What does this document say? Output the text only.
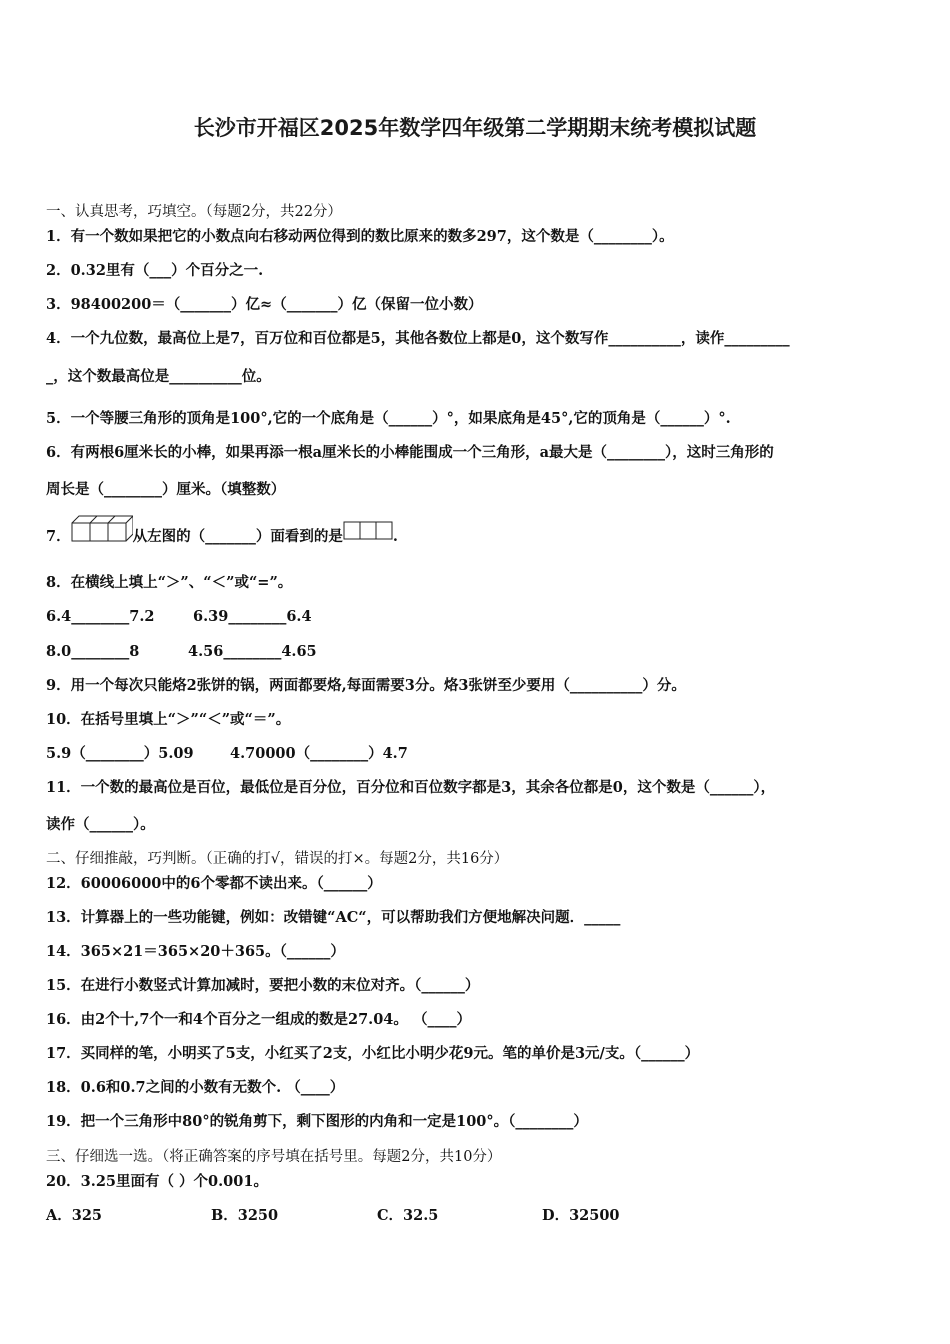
长沙市开福区2025年数学四年级第二学期期末统考模拟试题
一、认真思考，巧填空。（每题2分，共22分）
1．有一个数如果把它的小数点向右移动两位得到的数比原来的数多297，这个数是（________）。
2．0.32里有（___）个百分之一.
3．98400200＝（_______）亿≈（_______）亿（保留一位小数）
4．一个九位数，最高位上是7，百万位和百位都是5，其他各数位上都是0，这个数写作__________，读作_________
_，这个数最高位是__________位。
5．一个等腰三角形的顶角是100°,它的一个底角是（______）°，如果底角是45°,它的顶角是（______）°.
6．有两根6厘米长的小棒，如果再添一根a厘米长的小棒能围成一个三角形，a最大是（________），这时三角形的
周长是（________）厘米。（填整数）
7．	从左图的（_______）面看到的是	.
8．在横线上填上“＞”、“＜”或“=”。
6.4________7.2	6.39________6.4
8.0________8	4.56________4.65
9．用一个每次只能烙2张饼的锅，两面都要烙,每面需要3分。烙3张饼至少要用（__________）分。
10．在括号里填上“＞”“＜”或“＝”。
5.9（________）5.09	4.70000（________）4.7
11．一个数的最高位是百位，最低位是百分位，百分位和百位数字都是3，其余各位都是0，这个数是（______），
读作（______）。
二、仔细推敲，巧判断。（正确的打√，错误的打×。每题2分，共16分）
12．60006000中的6个零都不读出来。（______）
13．计算器上的一些功能键，例如：改错键“AC“，可以帮助我们方便地解决问题．_____
14．365×21＝365×20＋365。（______）
15．在进行小数竖式计算加减时，要把小数的末位对齐。（______）
16．由2个十,7个一和4个百分之一组成的数是27.04。 （____）
17．买同样的笔，小明买了5支，小红买了2支，小红比小明少花9元。笔的单价是3元/支。（______）
18．0.6和0.7之间的小数有无数个. （____）
19．把一个三角形中80°的锐角剪下，剩下图形的内角和一定是100°。（________）
三、仔细选一选。（将正确答案的序号填在括号里。每题2分，共10分）
20．3.25里面有（ ）个0.001。
A．325	B．3250	C．32.5	D．32500
